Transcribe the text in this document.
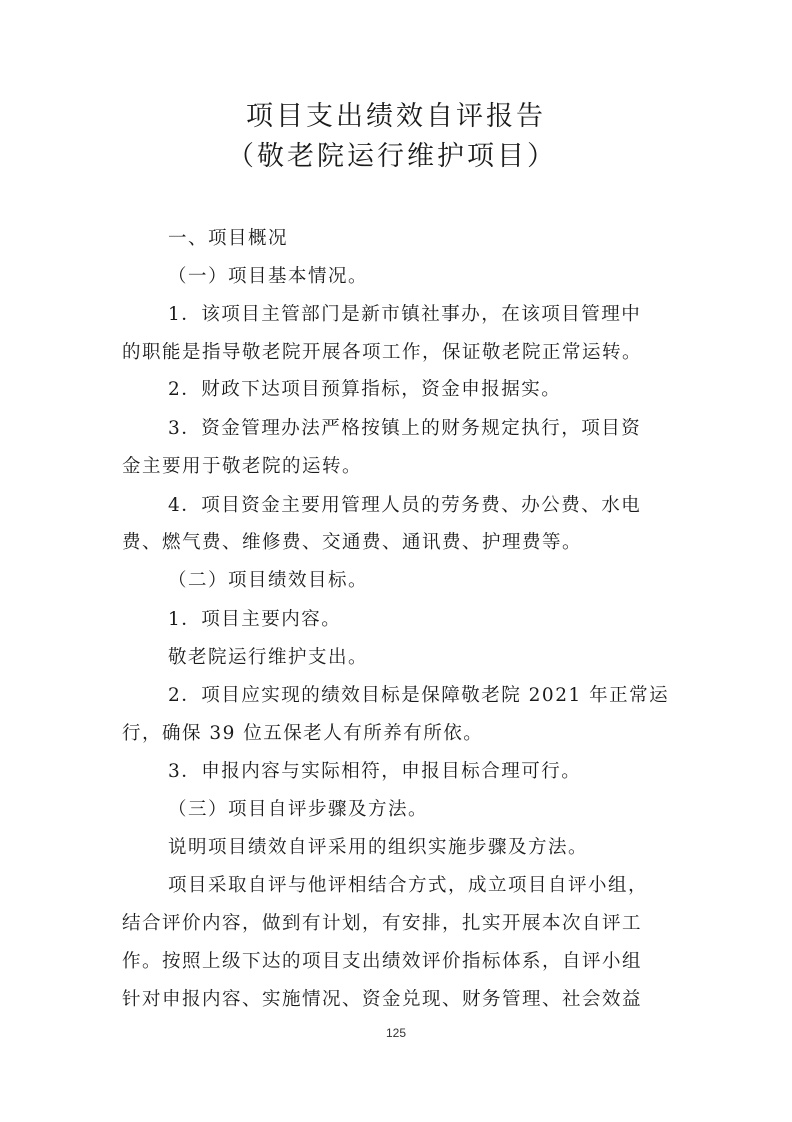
项目支出绩效自评报告
（敬老院运行维护项目）
一、项目概况
（一）项目基本情况。
1．该项目主管部门是新市镇社事办，在该项目管理中
的职能是指导敬老院开展各项工作，保证敬老院正常运转。
2．财政下达项目预算指标，资金申报据实。
3．资金管理办法严格按镇上的财务规定执行，项目资
金主要用于敬老院的运转。
4．项目资金主要用管理人员的劳务费、办公费、水电
费、燃气费、维修费、交通费、通讯费、护理费等。
（二）项目绩效目标。
1．项目主要内容。
敬老院运行维护支出。
2．项目应实现的绩效目标是保障敬老院 2021 年正常运
行，确保 39 位五保老人有所养有所依。
3．申报内容与实际相符，申报目标合理可行。
（三）项目自评步骤及方法。
说明项目绩效自评采用的组织实施步骤及方法。
项目采取自评与他评相结合方式，成立项目自评小组，
结合评价内容，做到有计划，有安排，扎实开展本次自评工
作。按照上级下达的项目支出绩效评价指标体系，自评小组
针对申报内容、实施情况、资金兑现、财务管理、社会效益
125
